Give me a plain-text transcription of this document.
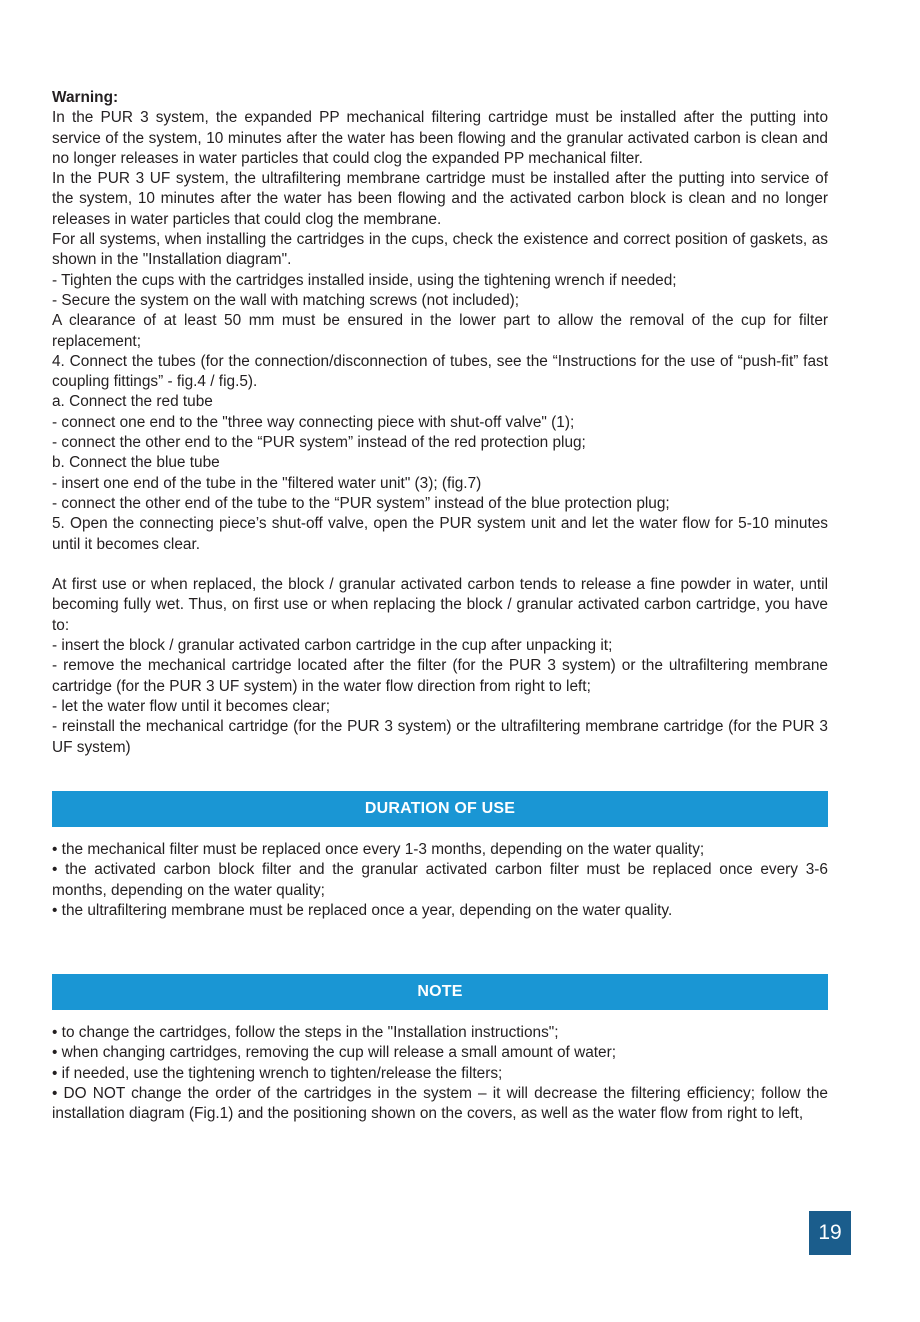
Warning:

In the PUR 3 system, the expanded PP mechanical filtering cartridge must be installed after the putting into service of the system, 10 minutes after the water has been flowing and the granular activated carbon is clean and no longer releases in water particles that could clog the expanded PP mechanical filter.

In the PUR 3 UF system, the ultrafiltering membrane cartridge must be installed after the putting into service of the system, 10 minutes after the water has been flowing and the activated carbon block is clean and no longer releases in water particles that could clog the membrane.

For all systems, when installing the cartridges in the cups, check the existence and correct position of gaskets, as shown in the "Installation diagram".

- Tighten the cups with the cartridges installed inside, using the tightening wrench if needed;

- Secure the system on the wall with matching screws (not included);

A clearance of at least 50 mm must be ensured in the lower part to allow the removal of the cup for filter replacement;

4. Connect the tubes (for the connection/disconnection of tubes, see the “Instructions for the use of “push-fit” fast coupling fittings” - fig.4 / fig.5).

a. Connect the red tube

- connect one end to the "three way connecting piece with shut-off valve" (1);

- connect the other end to the “PUR system” instead of the red protection plug;

b. Connect the blue tube

- insert one end of the tube in the "filtered water unit" (3); (fig.7)

- connect the other end of the tube to the “PUR system” instead of the blue protection plug;

5. Open the connecting piece’s shut-off valve, open the PUR system unit and let the water flow for 5-10 minutes until it becomes clear.

At first use or when replaced, the block / granular activated carbon tends to release a fine powder in water, until becoming fully wet. Thus, on first use or when replacing the block / granular activated carbon cartridge, you have to:

- insert the block / granular activated carbon cartridge in the cup after unpacking it;

- remove the mechanical cartridge located after the filter (for the PUR 3 system) or the ultrafiltering membrane cartridge (for the PUR 3 UF system) in the water flow direction from right to left;

- let the water flow until it becomes clear;

- reinstall the mechanical cartridge (for the PUR 3 system) or the ultrafiltering membrane cartridge (for the PUR 3 UF system)

DURATION OF USE

• the mechanical filter must be replaced once every 1-3 months, depending on the water quality;

• the activated carbon block filter and the granular activated carbon filter must be replaced once every 3-6 months, depending on the water quality;

• the ultrafiltering membrane must be replaced once a year, depending on the water quality.

NOTE

• to change the cartridges, follow the steps in the "Installation instructions";

• when changing cartridges, removing the cup will release a small amount of water;

• if needed, use the tightening wrench to tighten/release the filters;

• DO NOT change the order of the cartridges in the system – it will decrease the filtering efficiency; follow the installation diagram (Fig.1) and the positioning shown on the covers, as well as the water flow from right to left,

19
